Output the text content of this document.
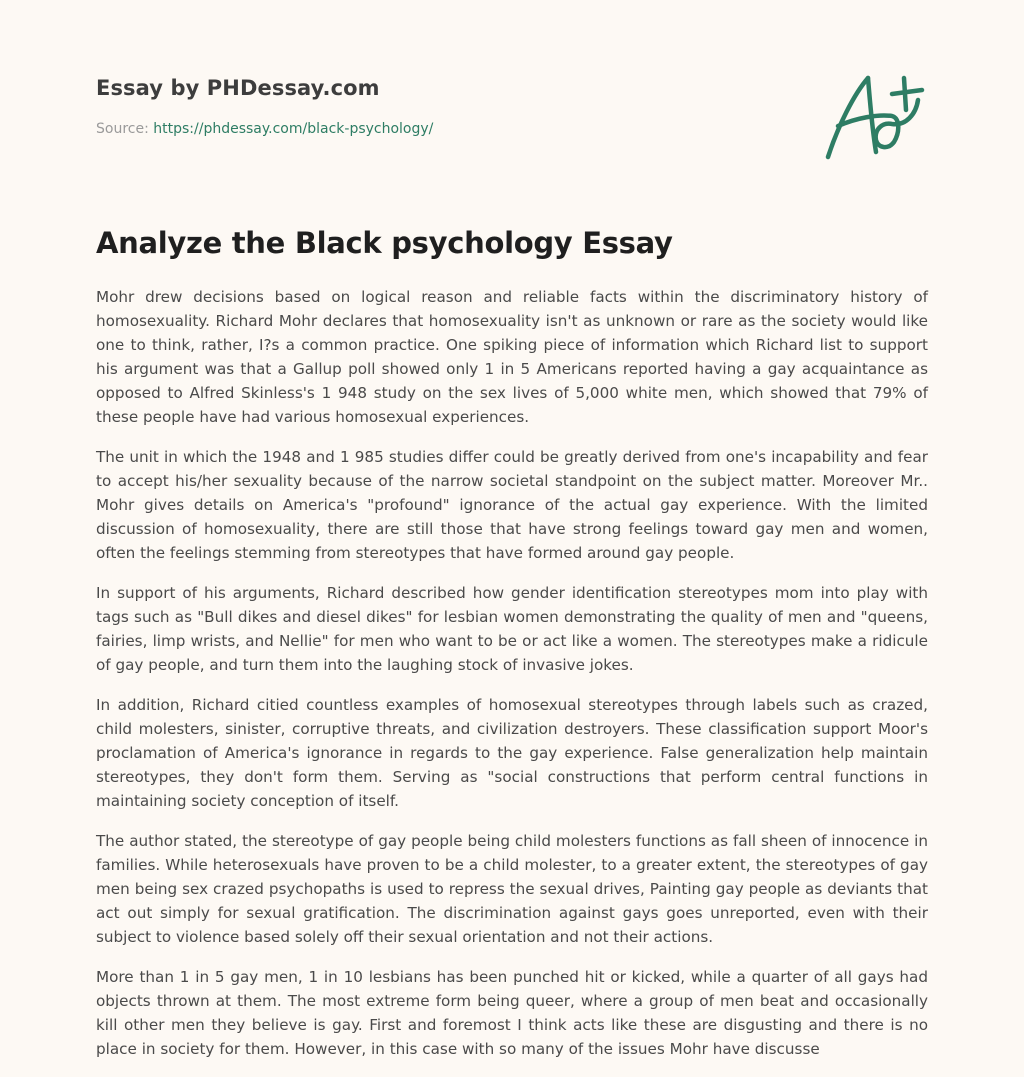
Essay by PHDessay.com
Source: https://phdessay.com/black-psychology/
Analyze the Black psychology Essay

Mohr drew decisions based on logical reason and reliable facts within the discriminatory history of homosexuality. Richard Mohr declares that homosexuality isn't as unknown or rare as the society would like one to think, rather, I?s a common practice. One spiking piece of information which Richard list to support his argument was that a Gallup poll showed only 1 in 5 Americans reported having a gay acquaintance as opposed to Alfred Skinless's 1 948 study on the sex lives of 5,000 white men, which showed that 79% of these people have had various homosexual experiences.

The unit in which the 1948 and 1 985 studies differ could be greatly derived from one's incapability and fear to accept his/her sexuality because of the narrow societal standpoint on the subject matter. Moreover Mr.. Mohr gives details on America's "profound" ignorance of the actual gay experience. With the limited discussion of homosexuality, there are still those that have strong feelings toward gay men and women, often the feelings stemming from stereotypes that have formed around gay people.

In support of his arguments, Richard described how gender identification stereotypes mom into play with tags such as "Bull dikes and diesel dikes" for lesbian women demonstrating the quality of men and "queens, fairies, limp wrists, and Nellie" for men who want to be or act like a women. The stereotypes make a ridicule of gay people, and turn them into the laughing stock of invasive jokes.

In addition, Richard citied countless examples of homosexual stereotypes through labels such as crazed, child molesters, sinister, corruptive threats, and civilization destroyers. These classification support Moor's proclamation of America's ignorance in regards to the gay experience. False generalization help maintain stereotypes, they don't form them. Serving as "social constructions that perform central functions in maintaining society conception of itself.

The author stated, the stereotype of gay people being child molesters functions as fall sheen of innocence in families. While heterosexuals have proven to be a child molester, to a greater extent, the stereotypes of gay men being sex crazed psychopaths is used to repress the sexual drives, Painting gay people as deviants that act out simply for sexual gratification. The discrimination against gays goes unreported, even with their subject to violence based solely off their sexual orientation and not their actions.

More than 1 in 5 gay men, 1 in 10 lesbians has been punched hit or kicked, while a quarter of all gays had objects thrown at them. The most extreme form being queer, where a group of men beat and occasionally kill other men they believe is gay. First and foremost I think acts like these are disgusting and there is no place in society for them. However, in this case with so many of the issues Mohr have discusse
